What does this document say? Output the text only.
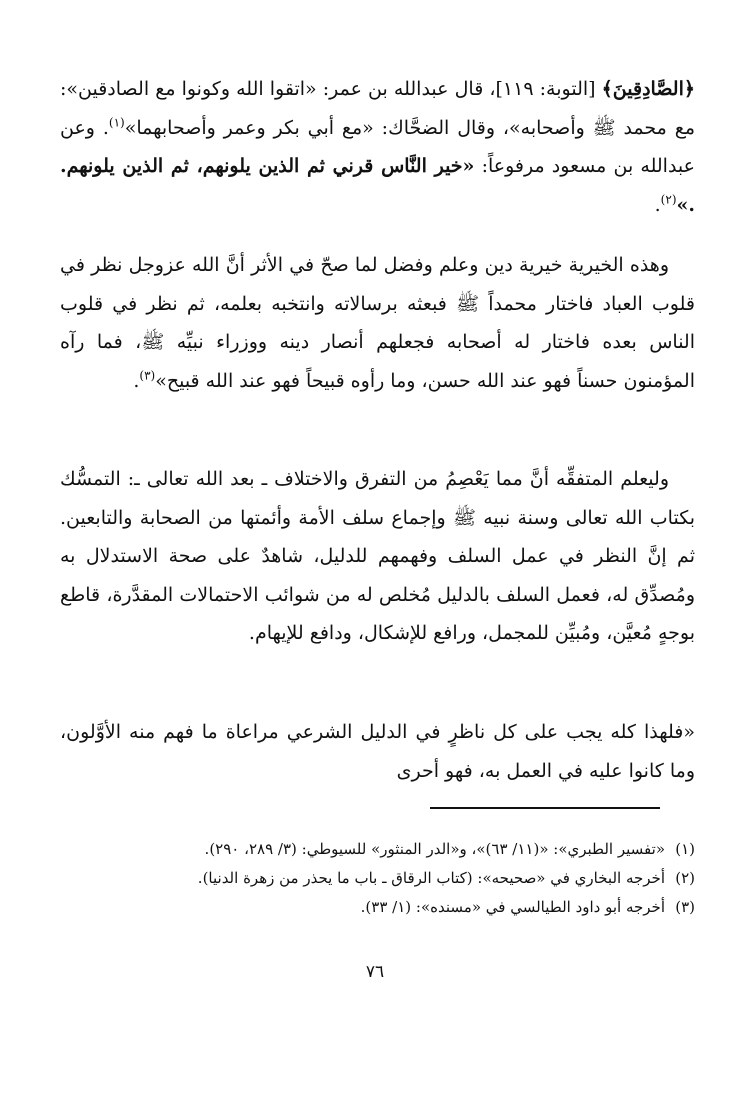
﴿الصَّادِقِينَ﴾ [التوبة: ١١٩]، قال عبدالله بن عمر: «اتقوا الله وكونوا مع الصادقين»: مع محمد ﷺ وأصحابه»، وقال الضحَّاك: «مع أبي بكر وعمر وأصحابهما»$^{(١)}$. وعن عبدالله بن مسعود مرفوعاً: «خير النَّاس قرني ثم الذين يلونهم، ثم الذين يلونهم. .»$^{(٢)}$.
وهذه الخيرية خيرية دين وعلم وفضل لما صحّ في الأثر أنَّ الله عزوجل نظر في قلوب العباد فاختار محمداً ﷺ فبعثه برسالاته وانتخبه بعلمه، ثم نظر في قلوب الناس بعده فاختار له أصحابه فجعلهم أنصار دينه ووزراء نبيِّه ﷺ، فما رآه المؤمنون حسناً فهو عند الله حسن، وما رأوه قبيحاً فهو عند الله قبيح»$^{(٣)}$.
وليعلم المتفقِّه أنَّ مما يَعْصِمُ من التفرق والاختلاف ـ بعد الله تعالى ـ: التمسُّك بكتاب الله تعالى وسنة نبيه ﷺ وإجماع سلف الأمة وأئمتها من الصحابة والتابعين. ثم إنَّ النظر في عمل السلف وفهمهم للدليل، شاهدٌ على صحة الاستدلال به ومُصدِّق له، فعمل السلف بالدليل مُخلص له من شوائب الاحتمالات المقدَّرة، قاطع بوجهٍ مُعيَّن، ومُبيِّن للمجمل، ورافع للإشكال، ودافع للإيهام.
«فلهذا كله يجب على كل ناظرٍ في الدليل الشرعي مراعاة ما فهم منه الأوَّلون، وما كانوا عليه في العمل به، فهو أحرى
(١)«تفسير الطبري»: «(١١/ ٦٣)»، و«الدر المنثور» للسيوطي: (٣/ ٢٨٩، ٢٩٠).
(٢)أخرجه البخاري في «صحيحه»: (كتاب الرقاق ـ باب ما يحذر من زهرة الدنيا).
(٣)أخرجه أبو داود الطيالسي في «مسنده»: (١/ ٣٣).
٧٦
